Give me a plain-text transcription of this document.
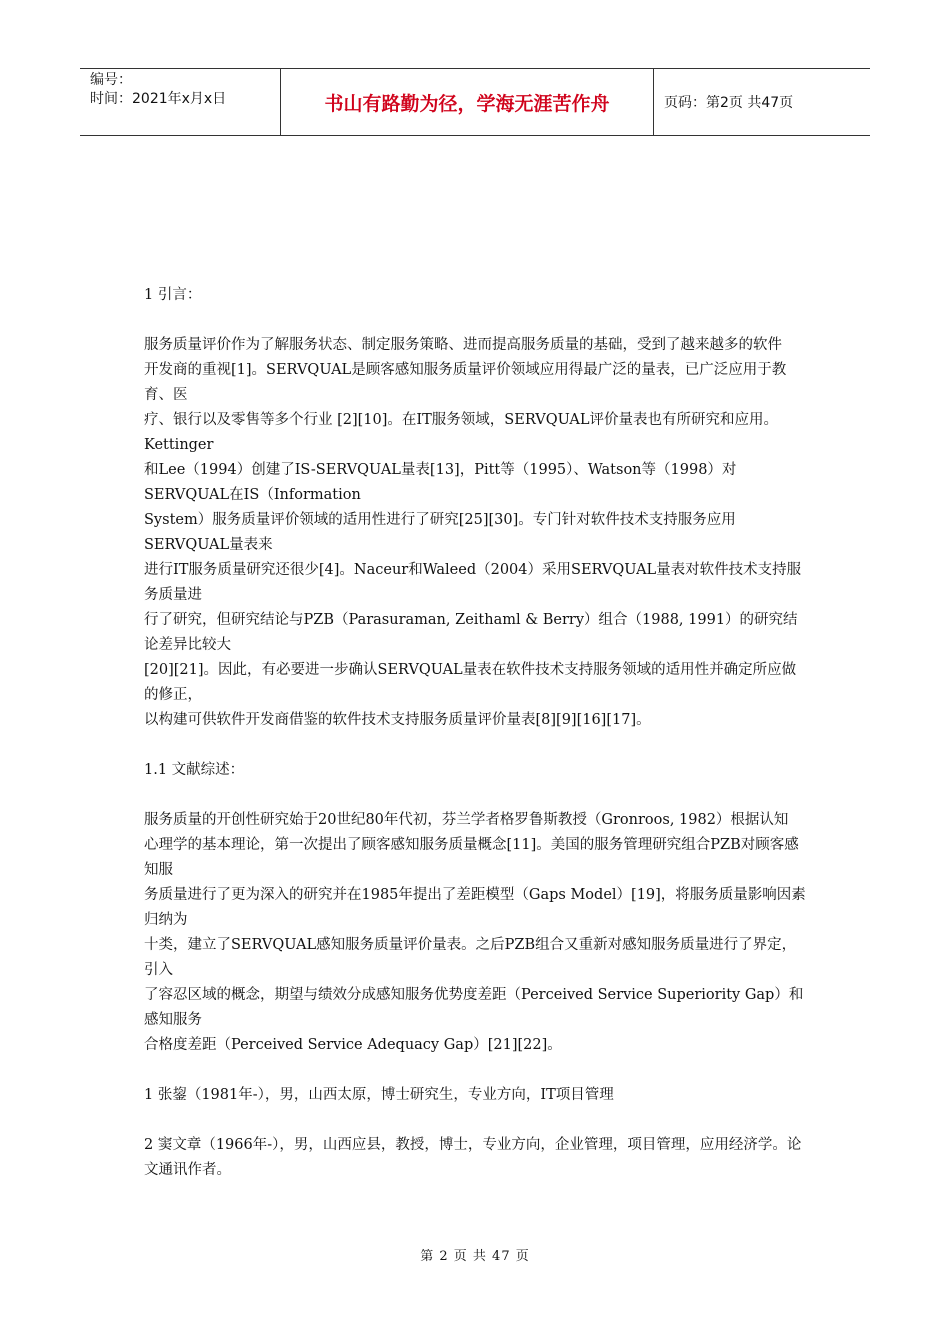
编号：
时间：2021年x月x日	书山有路勤为径，学海无涯苦作舟	页码：第2页 共47页

1 引言：

服务质量评价作为了解服务状态、制定服务策略、进而提高服务质量的基础，受到了越来越多的软件

开发商的重视[1]。SERVQUAL是顾客感知服务质量评价领域应用得最广泛的量表，已广泛应用于教育、医

疗、银行以及零售等多个行业 [2][10]。在IT服务领域，SERVQUAL评价量表也有所研究和应用。Kettinger

和Lee（1994）创建了IS-SERVQUAL量表[13]，Pitt等（1995）、Watson等（1998）对SERVQUAL在IS（Information

System）服务质量评价领域的适用性进行了研究[25][30]。专门针对软件技术支持服务应用SERVQUAL量表来

进行IT服务质量研究还很少[4]。Naceur和Waleed（2004）采用SERVQUAL量表对软件技术支持服务质量进

行了研究，但研究结论与PZB（Parasuraman, Zeithaml & Berry）组合（1988, 1991）的研究结论差异比较大

[20][21]。因此，有必要进一步确认SERVQUAL量表在软件技术支持服务领域的适用性并确定所应做的修正，

以构建可供软件开发商借鉴的软件技术支持服务质量评价量表[8][9][16][17]。

1.1 文献综述：

服务质量的开创性研究始于20世纪80年代初，芬兰学者格罗鲁斯教授（Gronroos, 1982）根据认知

心理学的基本理论，第一次提出了顾客感知服务质量概念[11]。美国的服务管理研究组合PZB对顾客感知服

务质量进行了更为深入的研究并在1985年提出了差距模型（Gaps Model）[19]，将服务质量影响因素归纳为

十类，建立了SERVQUAL感知服务质量评价量表。之后PZB组合又重新对感知服务质量进行了界定，引入

了容忍区域的概念，期望与绩效分成感知服务优势度差距（Perceived Service Superiority Gap）和感知服务

合格度差距（Perceived Service Adequacy Gap）[21][22]。

1 张鋆（1981年-），男，山西太原，博士研究生，专业方向，IT项目管理

2 窦文章（1966年-），男，山西应县，教授，博士，专业方向，企业管理，项目管理，应用经济学。论文通讯作者。

第 2 页 共 47 页
